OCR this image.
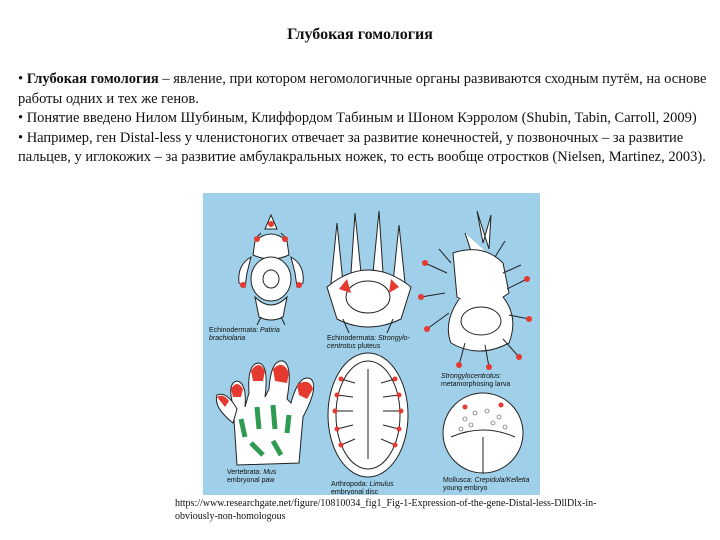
Глубокая гомология

• Глубокая гомология – явление, при котором негомологичные органы развиваются сходным путём, на основе работы одних и тех же генов.

• Понятие введено Нилом Шубиным, Клиффордом Табиным и Шоном Кэрролом (Shubin, Tabin, Carroll, 2009)

• Например, ген Distal-less у членистоногих отвечает за развитие конечностей, у позвоночных – за развитие пальцев, у иглокожих – за развитие амбулакральных ножек, то есть вообще отростков (Nielsen, Martinez, 2003).

Echinodermata: Patiria
brachiolaria	Echinodermata: Strongylo-
centrotus pluteus
Strongylocentrotus:
metamorphosing larva
Vertebrata: Mus
embryonal paw
Arthropoda: Limulus
embryonal disc
Mollusca: Crepidula/Kelletia
young embryo
https://www.researchgate.net/figure/10810034_fig1_Fig-1-Expression-of-the-gene-Distal-less-DllDlx-in-obviously-non-homologous
